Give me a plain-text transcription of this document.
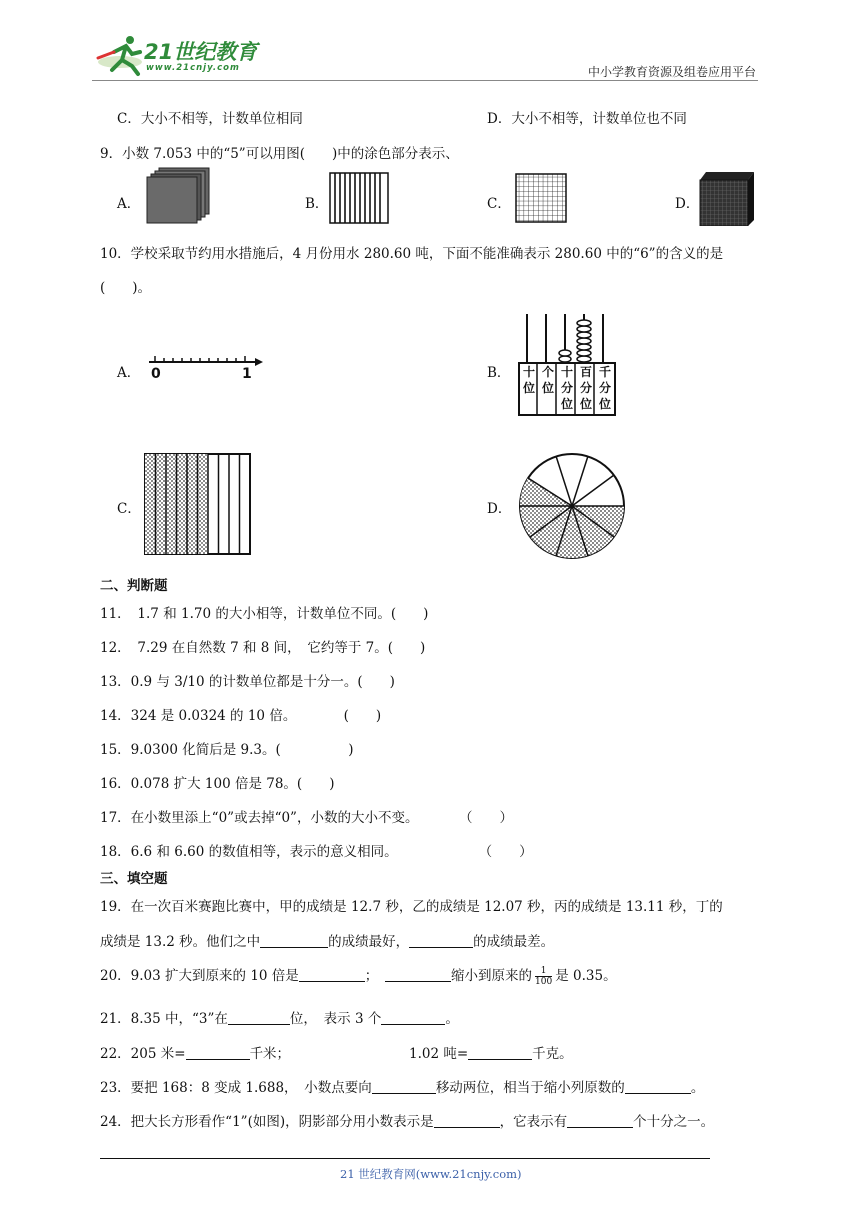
21世纪教育
www.21cnjy.com	中小学教育资源及组卷应用平台
C．大小不相等，计数单位相同	D．大小不相等，计数单位也不同
9．小数 7.053 中的“5”可以用图(　　)中的涂色部分表示、
A．	B．	C．	D．
10．学校采取节约用水措施后，4 月份用水 280.60 吨，下面不能准确表示 280.60 中的“6”的含义的是
(　　)。
A．	B．
C．	D．
0	1	十位
个位
十分位
百分位
千分位
二、判断题
11．　1.7 和 1.70 的大小相等，计数单位不同。(　　)
12．　7.29 在自然数 7 和 8 间，　它约等于 7。(　　)
13．0.9 与 3/10 的计数单位都是十分一。(　　)
14．324 是 0.0324 的 10 倍。　　　　(　　)
15．9.0300 化简后是 9.3。(　　　　　)
16．0.078 扩大 100 倍是 78。(　　)
17．在小数里添上“0”或去掉“0”，小数的大小不变。　　　　（　　）
18．6.6 和 6.60 的数值相等，表示的意义相同。　　　　　　　（　　）
三、填空题
19．在一次百米赛跑比赛中，甲的成绩是 12.7 秒，乙的成绩是 12.07 秒，丙的成绩是 13.11 秒，丁的
成绩是 13.2 秒。他们之中	的成绩最好，	的成绩最差。
20．9.03 扩大到原来的 10 倍是	；　	缩小到原来的 $\frac{1}{100}$ 是 0.35。
21．8.35 中，“3”在	位，　表示 3 个	。
22．205 米=	千米；	1.02 吨=	千克。
23．要把 168：8 变成 1.688，　小数点要向	移动两位，相当于缩小列原数的	。
24．把大长方形看作“1”(如图)，阴影部分用小数表示是	，它表示有	个十分之一。
21 世纪教育网(www.21cnjy.com)
